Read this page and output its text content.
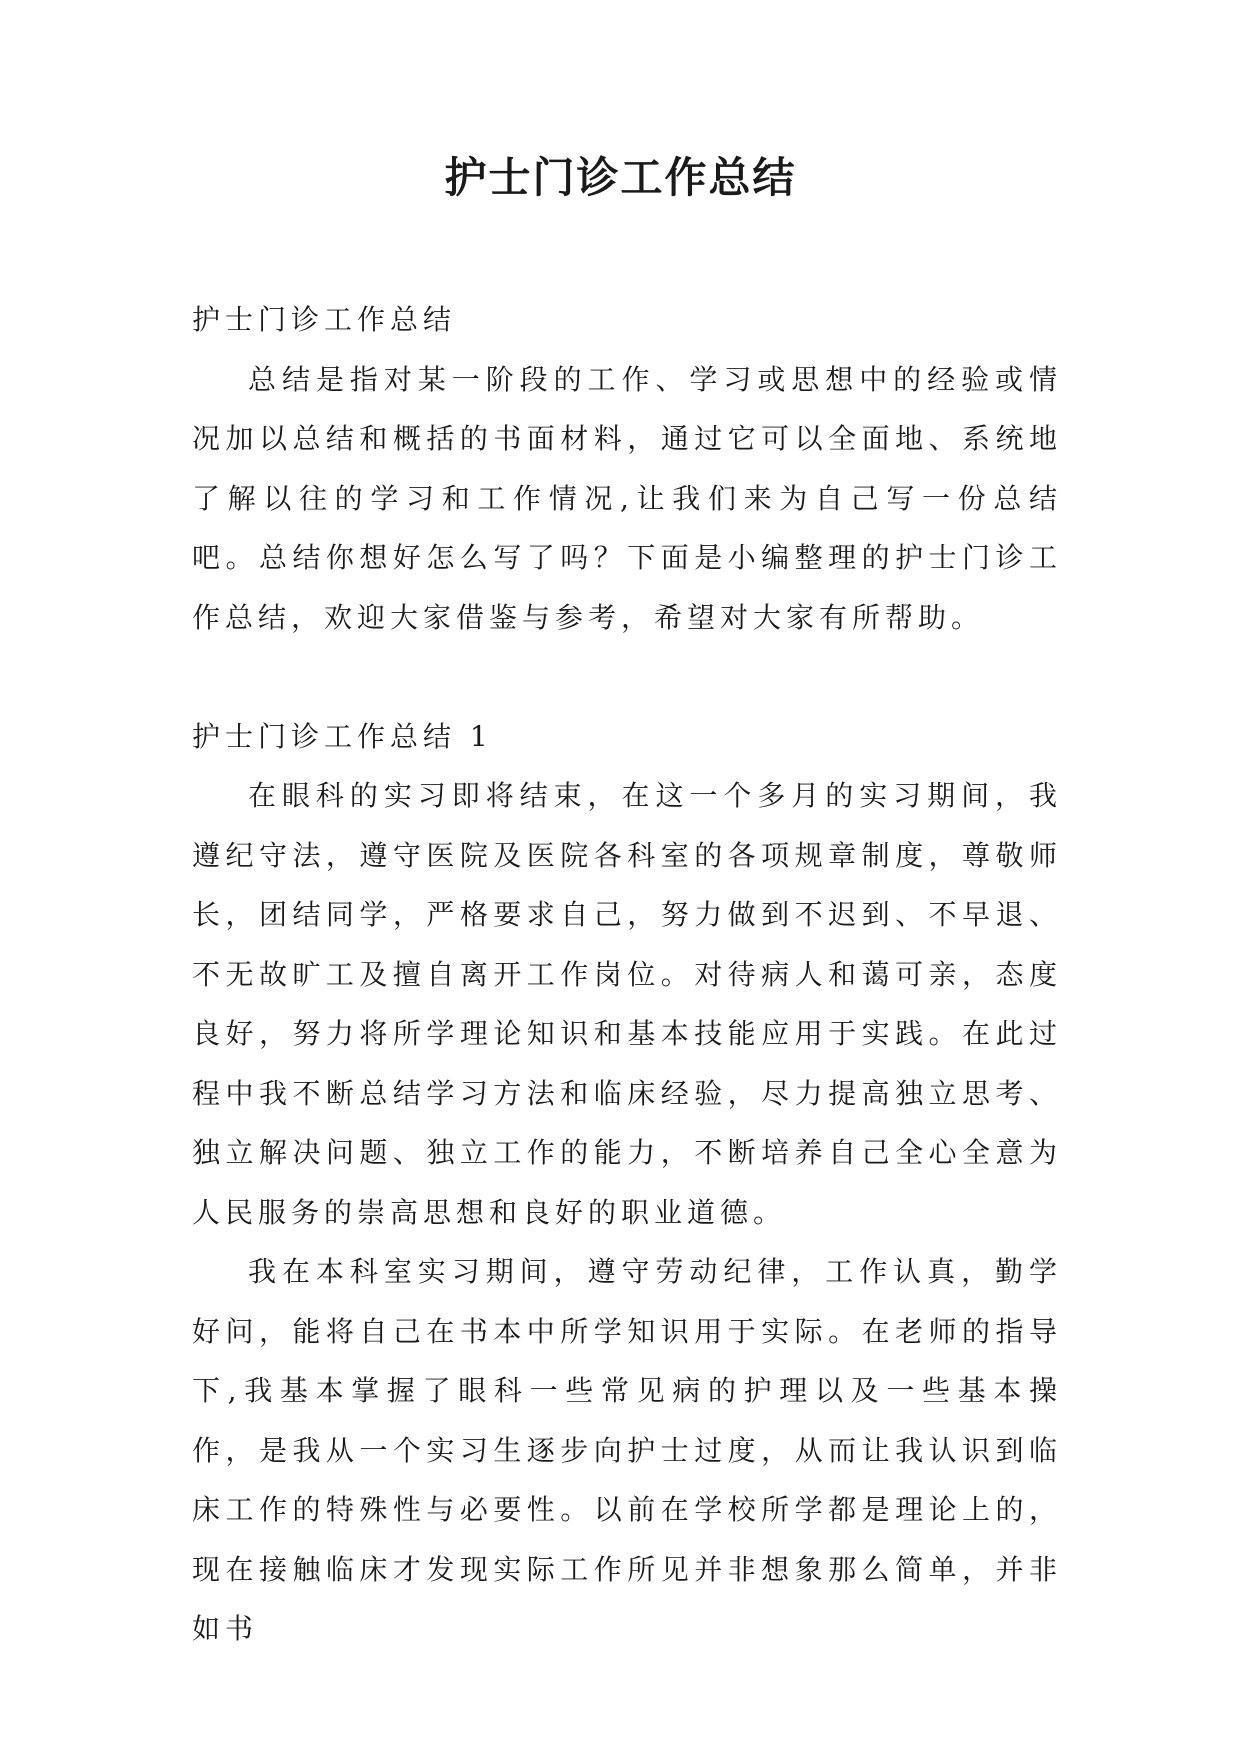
护士门诊工作总结
护士门诊工作总结

总结是指对某一阶段的工作、学习或思想中的经验或情况加以总结和概括的书面材料，通过它可以全面地、系统地了解以往的学习和工作情况,让我们来为自己写一份总结吧。总结你想好怎么写了吗？下面是小编整理的护士门诊工作总结，欢迎大家借鉴与参考，希望对大家有所帮助。

护士门诊工作总结 1

在眼科的实习即将结束，在这一个多月的实习期间，我遵纪守法，遵守医院及医院各科室的各项规章制度，尊敬师长，团结同学，严格要求自己，努力做到不迟到、不早退、不无故旷工及擅自离开工作岗位。对待病人和蔼可亲，态度良好，努力将所学理论知识和基本技能应用于实践。在此过程中我不断总结学习方法和临床经验，尽力提高独立思考、独立解决问题、独立工作的能力，不断培养自己全心全意为人民服务的崇高思想和良好的职业道德。

我在本科室实习期间，遵守劳动纪律，工作认真，勤学好问，能将自己在书本中所学知识用于实际。在老师的指导下,我基本掌握了眼科一些常见病的护理以及一些基本操作，是我从一个实习生逐步向护士过度，从而让我认识到临床工作的特殊性与必要性。以前在学校所学都是理论上的，现在接触临床才发现实际工作所见并非想象那么简单，并非如书
